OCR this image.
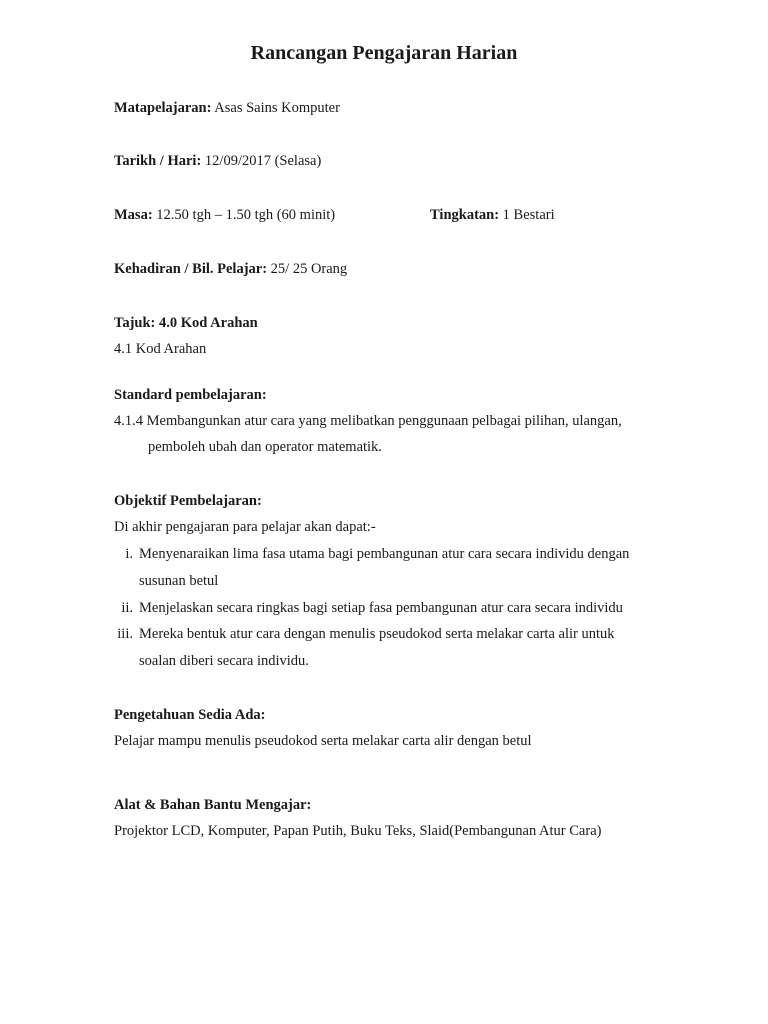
Rancangan Pengajaran Harian
Matapelajaran: Asas Sains Komputer
Tarikh / Hari: 12/09/2017 (Selasa)
Masa: 12.50 tgh – 1.50 tgh (60 minit)	Tingkatan: 1 Bestari
Kehadiran / Bil. Pelajar: 25/ 25 Orang
Tajuk: 4.0 Kod Arahan
4.1 Kod Arahan
Standard pembelajaran:
4.1.4 Membangunkan atur cara yang melibatkan penggunaan pelbagai pilihan, ulangan,
pemboleh ubah dan operator matematik.
Objektif Pembelajaran:
Di akhir pengajaran para pelajar akan dapat:-
i. Menyenaraikan lima fasa utama bagi pembangunan atur cara secara individu dengan
susunan betul
ii. Menjelaskan secara ringkas bagi setiap fasa pembangunan atur cara secara individu
iii. Mereka bentuk atur cara dengan menulis pseudokod serta melakar carta alir untuk
soalan diberi secara individu.
Pengetahuan Sedia Ada:
Pelajar mampu menulis pseudokod serta melakar carta alir dengan betul
Alat & Bahan Bantu Mengajar:
Projektor LCD, Komputer, Papan Putih, Buku Teks, Slaid(Pembangunan Atur Cara)
